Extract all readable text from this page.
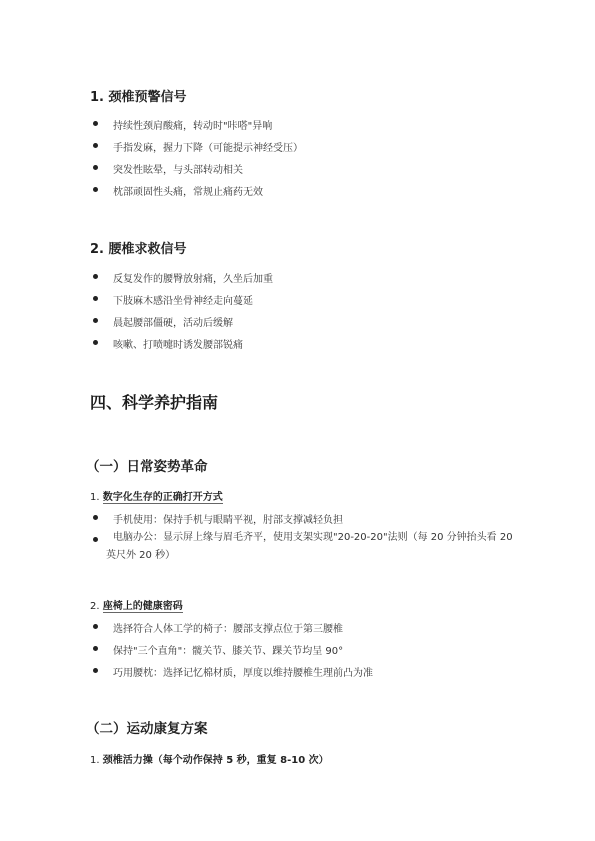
1. 颈椎预警信号
持续性颈肩酸痛，转动时"咔嗒"异响
手指发麻，握力下降（可能提示神经受压）
突发性眩晕，与头部转动相关
枕部顽固性头痛，常规止痛药无效
2. 腰椎求救信号
反复发作的腰臀放射痛，久坐后加重
下肢麻木感沿坐骨神经走向蔓延
晨起腰部僵硬，活动后缓解
咳嗽、打喷嚏时诱发腰部锐痛
四、科学养护指南
（一）日常姿势革命
1. 数字化生存的正确打开方式
手机使用：保持手机与眼睛平视，肘部支撑减轻负担
电脑办公：显示屏上缘与眉毛齐平，使用支架实现"20-20-20"法则（每 20 分钟抬头看 20 英尺外 20 秒）
2. 座椅上的健康密码
选择符合人体工学的椅子：腰部支撑点位于第三腰椎
保持"三个直角"：髋关节、膝关节、踝关节均呈 90°
巧用腰枕：选择记忆棉材质，厚度以维持腰椎生理前凸为准
（二）运动康复方案
1. 颈椎活力操（每个动作保持 5 秒，重复 8-10 次）
